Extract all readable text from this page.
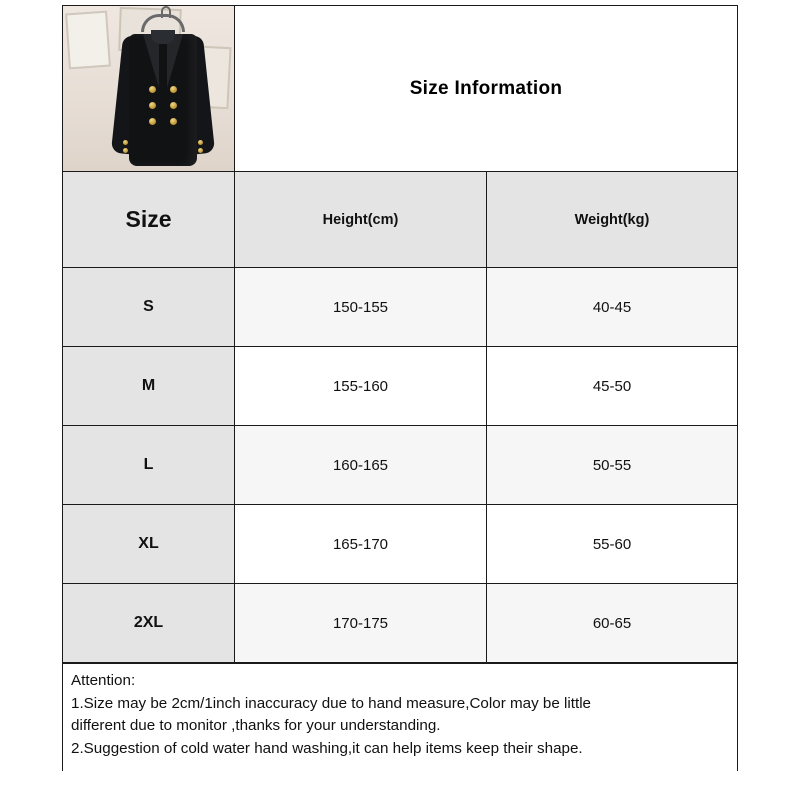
Size Information
Size	Height(cm)	Weight(kg)
S	150-155	40-45
M	155-160	45-50
L	160-165	50-55
XL	165-170	55-60
2XL	170-175	60-65

Attention:

1.Size may be 2cm/1inch inaccuracy due to hand measure,Color may be little

different due to monitor ,thanks for your understanding.

2.Suggestion of cold water hand washing,it can help items keep their shape.
